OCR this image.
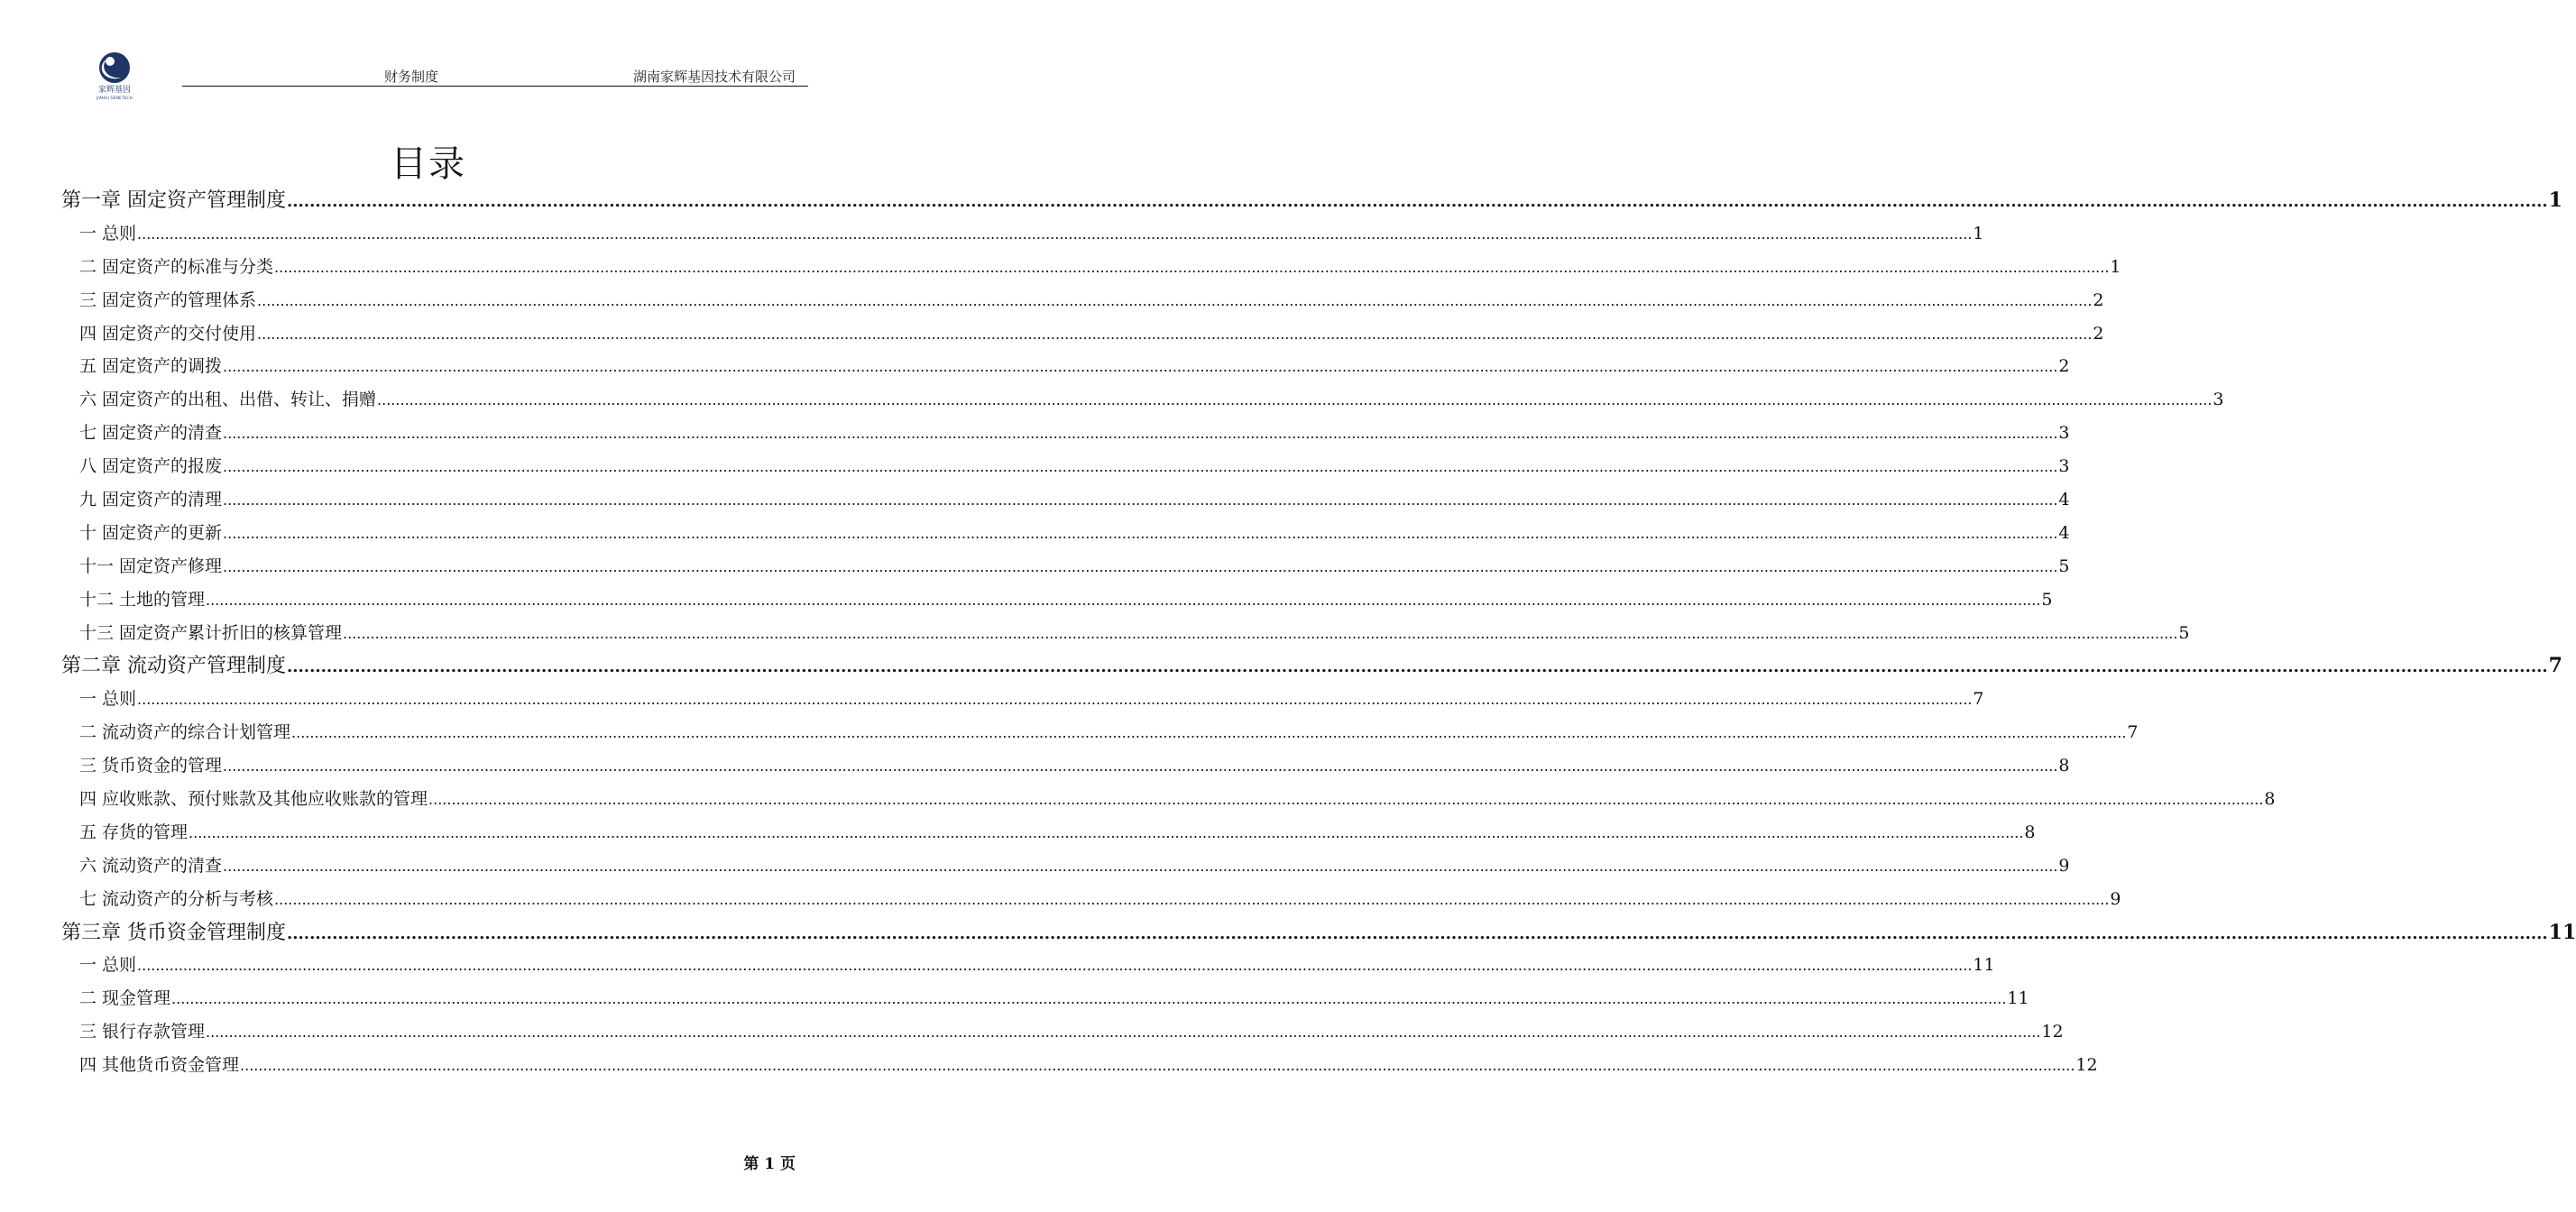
家辉基因
JIAHUI GENETECH
财务制度	湖南家辉基因技术有限公司
目录
第一章 固定资产管理制度 ................................................................................................................................................................................................................................................................................................................................................................................................................ 1
一 总则 ................................................................................................................................................................................................................................................................................................................................................................................................................ 1
二 固定资产的标准与分类 ................................................................................................................................................................................................................................................................................................................................................................................................................ 1
三 固定资产的管理体系 ................................................................................................................................................................................................................................................................................................................................................................................................................ 2
四 固定资产的交付使用 ................................................................................................................................................................................................................................................................................................................................................................................................................ 2
五 固定资产的调拨 ................................................................................................................................................................................................................................................................................................................................................................................................................ 2
六 固定资产的出租、出借、转让、捐赠 ................................................................................................................................................................................................................................................................................................................................................................................................................ 3
七 固定资产的清查 ................................................................................................................................................................................................................................................................................................................................................................................................................ 3
八 固定资产的报废 ................................................................................................................................................................................................................................................................................................................................................................................................................ 3
九 固定资产的清理 ................................................................................................................................................................................................................................................................................................................................................................................................................ 4
十 固定资产的更新 ................................................................................................................................................................................................................................................................................................................................................................................................................ 4
十一 固定资产修理 ................................................................................................................................................................................................................................................................................................................................................................................................................ 5
十二 土地的管理 ................................................................................................................................................................................................................................................................................................................................................................................................................ 5
十三 固定资产累计折旧的核算管理 ................................................................................................................................................................................................................................................................................................................................................................................................................ 5
第二章 流动资产管理制度 ................................................................................................................................................................................................................................................................................................................................................................................................................ 7
一 总则 ................................................................................................................................................................................................................................................................................................................................................................................................................ 7
二 流动资产的综合计划管理 ................................................................................................................................................................................................................................................................................................................................................................................................................ 7
三 货币资金的管理 ................................................................................................................................................................................................................................................................................................................................................................................................................ 8
四 应收账款、预付账款及其他应收账款的管理 ................................................................................................................................................................................................................................................................................................................................................................................................................ 8
五 存货的管理 ................................................................................................................................................................................................................................................................................................................................................................................................................ 8
六 流动资产的清查 ................................................................................................................................................................................................................................................................................................................................................................................................................ 9
七 流动资产的分析与考核 ................................................................................................................................................................................................................................................................................................................................................................................................................ 9
第三章 货币资金管理制度 ................................................................................................................................................................................................................................................................................................................................................................................................................ 11
一 总则 ................................................................................................................................................................................................................................................................................................................................................................................................................ 11
二 现金管理 ................................................................................................................................................................................................................................................................................................................................................................................................................ 11
三 银行存款管理 ................................................................................................................................................................................................................................................................................................................................................................................................................ 12
四 其他货币资金管理 ................................................................................................................................................................................................................................................................................................................................................................................................................ 12
第 1 页
